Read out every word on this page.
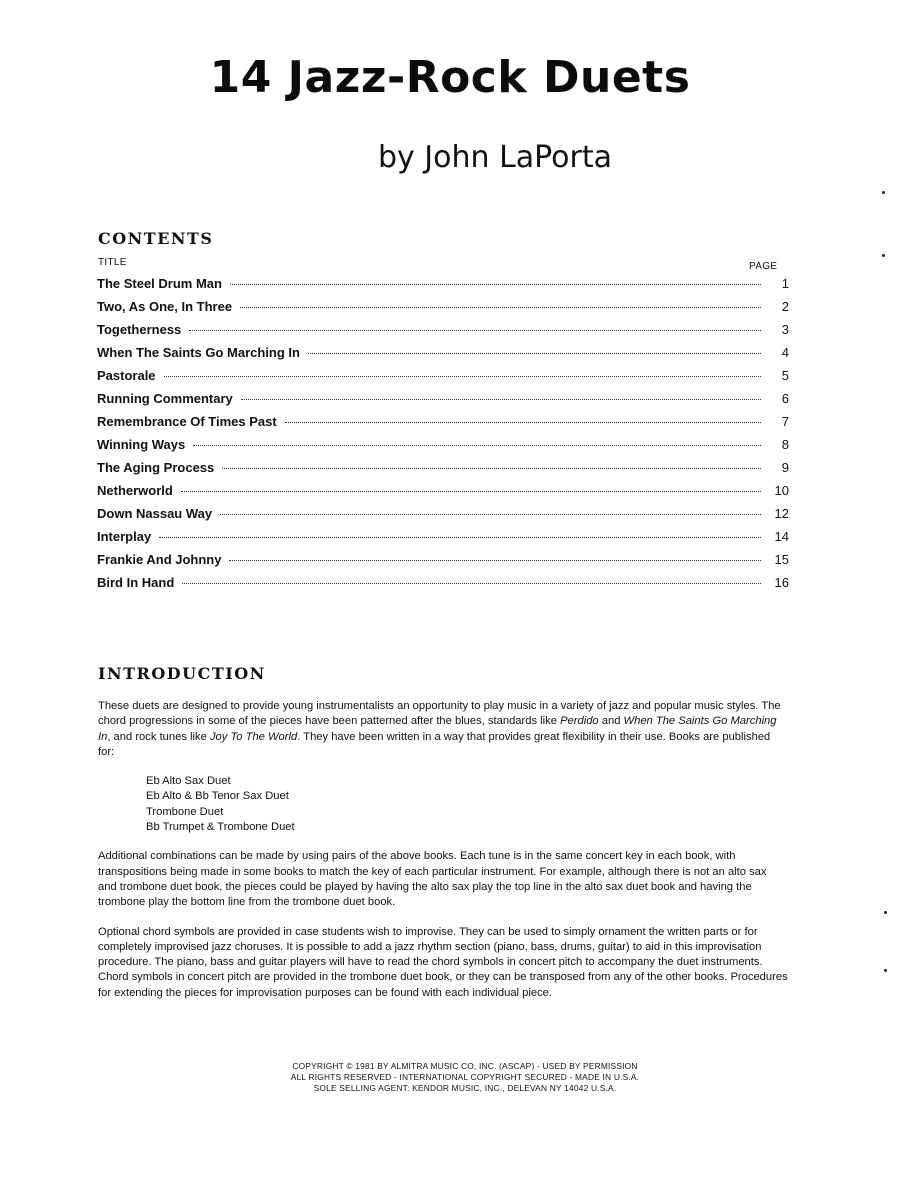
14 Jazz-Rock Duets
by John LaPorta
CONTENTS
TITLE	PAGE
The Steel Drum Man	1
Two, As One, In Three	2
Togetherness	3
When The Saints Go Marching In	4
Pastorale	5
Running Commentary	6
Remembrance Of Times Past	7
Winning Ways	8
The Aging Process	9
Netherworld	10
Down Nassau Way	12
Interplay	14
Frankie And Johnny	15
Bird In Hand	16
INTRODUCTION

These duets are designed to provide young instrumentalists an opportunity to play music in a variety of jazz and popular music styles. The chord progressions in some of the pieces have been patterned after the blues, standards like Perdido and When The Saints Go Marching In, and rock tunes like Joy To The World. They have been written in a way that provides great flexibility in their use. Books are published for:

Eb Alto Sax Duet
Eb Alto & Bb Tenor Sax Duet
Trombone Duet
Bb Trumpet & Trombone Duet

Additional combinations can be made by using pairs of the above books. Each tune is in the same concert key in each book, with transpositions being made in some books to match the key of each particular instrument. For example, although there is not an alto sax and trombone duet book, the pieces could be played by having the alto sax play the top line in the alto sax duet book and having the trombone play the bottom line from the trombone duet book.

Optional chord symbols are provided in case students wish to improvise. They can be used to simply ornament the written parts or for completely improvised jazz choruses. It is possible to add a jazz rhythm section (piano, bass, drums, guitar) to aid in this improvisation procedure. The piano, bass and guitar players will have to read the chord symbols in concert pitch to accompany the duet instruments. Chord symbols in concert pitch are provided in the trombone duet book, or they can be transposed from any of the other books. Procedures for extending the pieces for improvisation purposes can be found with each individual piece.

COPYRIGHT © 1981 BY ALMITRA MUSIC CO, INC. (ASCAP) - USED BY PERMISSION
ALL RIGHTS RESERVED - INTERNATIONAL COPYRIGHT SECURED - MADE IN U.S.A.
SOLE SELLING AGENT: KENDOR MUSIC, INC., DELEVAN NY 14042 U.S.A.
